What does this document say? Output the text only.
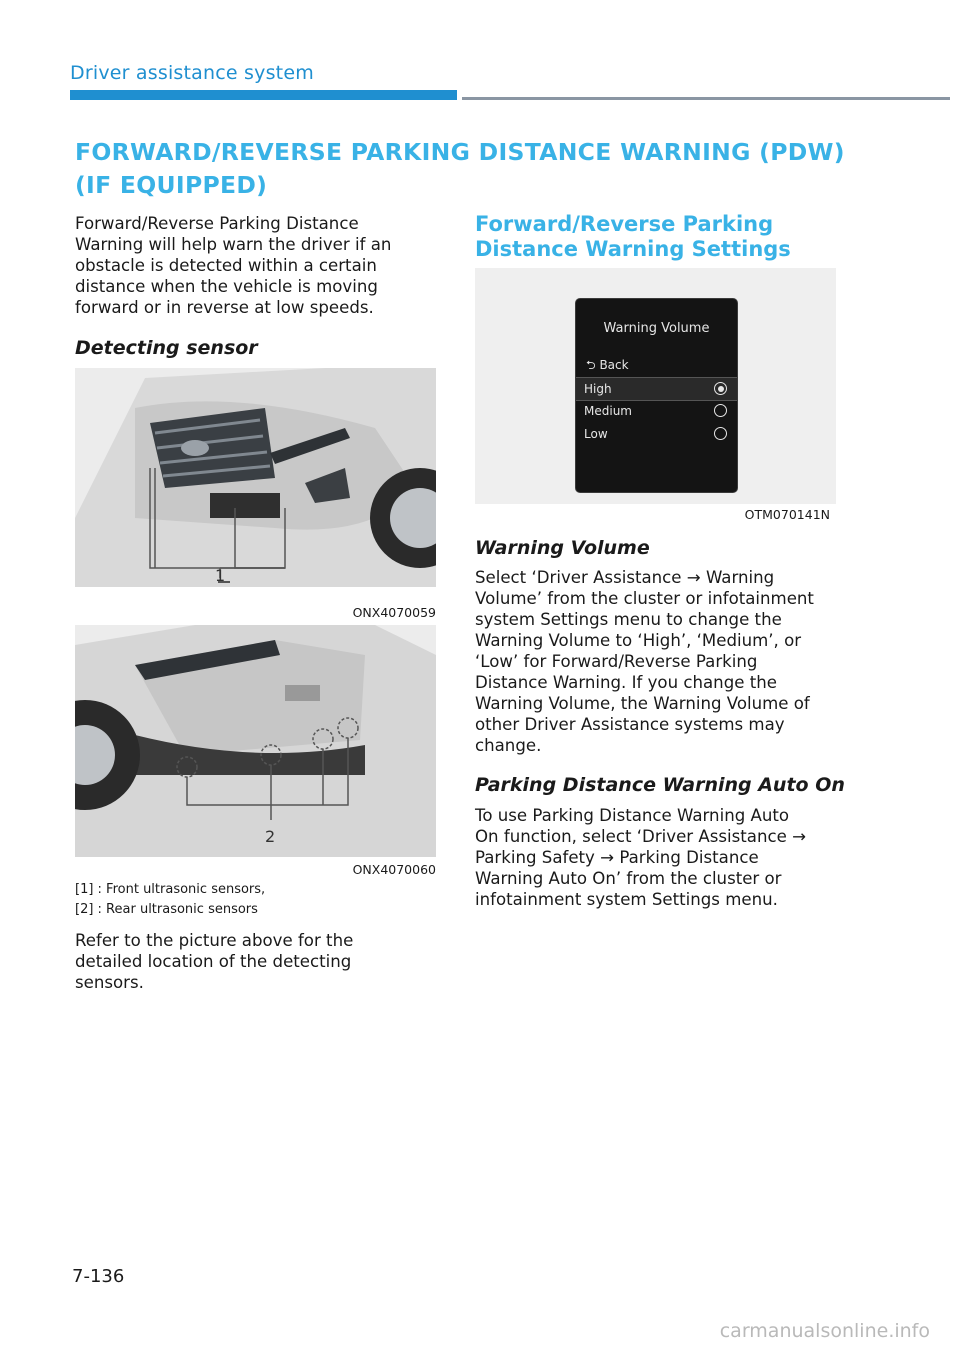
Driver assistance system
FORWARD/REVERSE PARKING DISTANCE WARNING (PDW) (IF EQUIPPED)
Forward/Reverse Parking Distance Warning will help warn the driver if an obstacle is detected within a certain distance when the vehicle is moving forward or in reverse at low speeds.
Detecting sensor
1
ONX4070059
2
ONX4070060
[1] : Front ultrasonic sensors,
[2] : Rear ultrasonic sensors
Refer to the picture above for the detailed location of the detecting sensors.
Forward/Reverse Parking Distance Warning Settings
Warning Volume
⮌ Back
High
Medium
Low
OTM070141N
Warning Volume
Select ‘Driver Assistance → Warning Volume’ from the cluster or infotainment system Settings menu to change the Warning Volume to ‘High’, ‘Medium’, or ‘Low’ for Forward/Reverse Parking Distance Warning. If you change the Warning Volume, the Warning Volume of other Driver Assistance systems may change.
Parking Distance Warning Auto On
To use Parking Distance Warning Auto On function, select ‘Driver Assistance → Parking Safety → Parking Distance Warning Auto On’ from the cluster or infotainment system Settings menu.
7-136
carmanualsonline.info
